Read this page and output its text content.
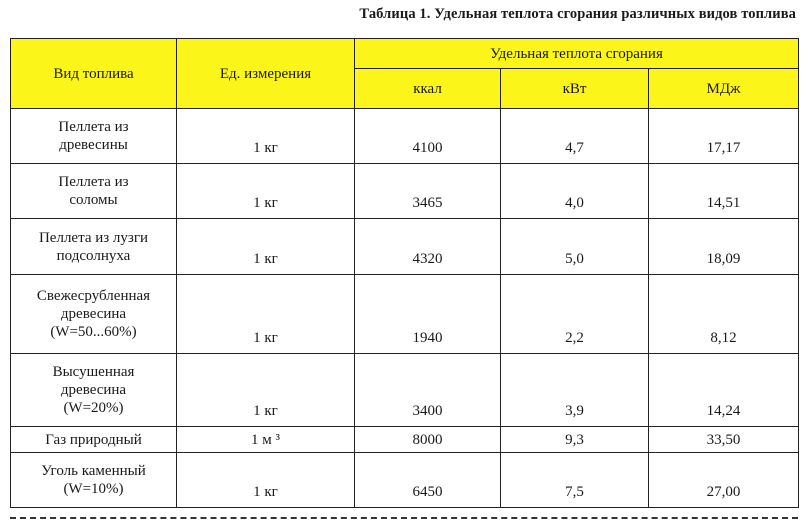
Таблица 1. Удельная теплота сгорания различных видов топлива
Вид топлива	Ед. измерения	Удельная теплота сгорания		
		ккал	кВт	МДж

Пеллета из
древесины	1 кг	4100	4,7	17,17

Пеллета из
соломы	1 кг	3465	4,0	14,51

Пеллета из лузги
подсолнуха	1 кг	4320	5,0	18,09

Свежесрубленная
древесина
(W=50...60%)	1 кг	1940	2,2	8,12

Высушенная
древесина
(W=20%)	1 кг	3400	3,9	14,24

Газ природный	1 м ³	8000	9,3	33,50

Уголь каменный
(W=10%)	1 кг	6450	7,5	27,00
